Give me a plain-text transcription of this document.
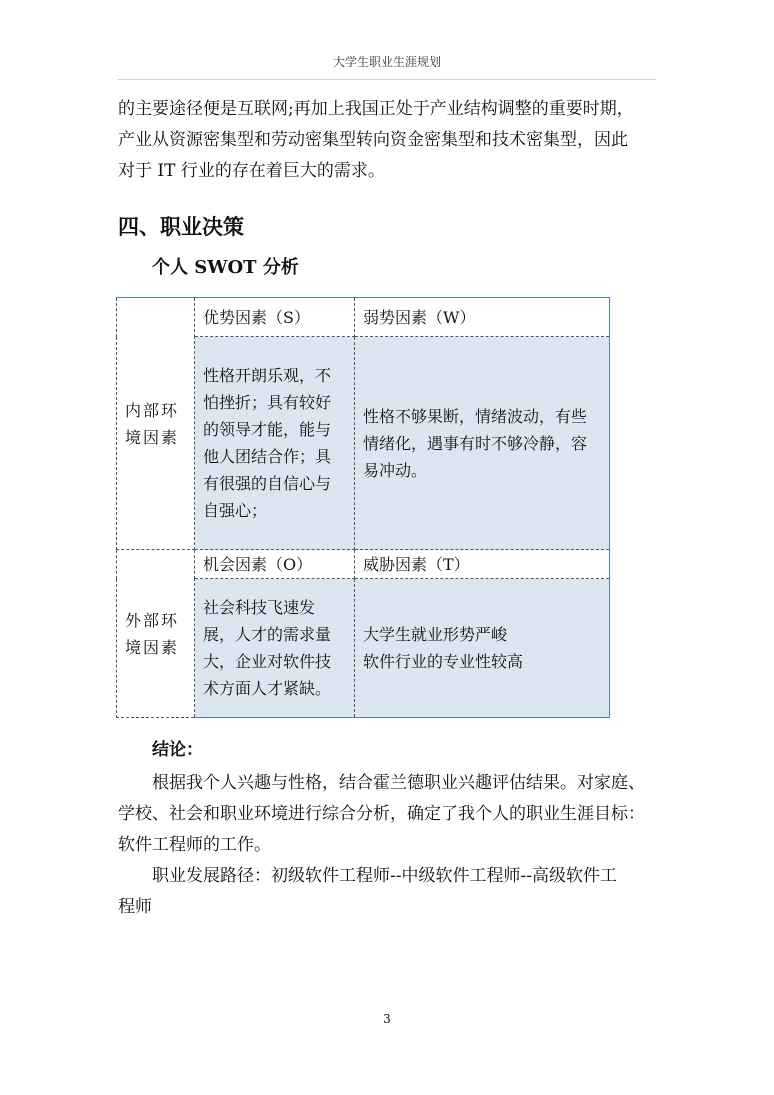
大学生职业生涯规划

的主要途径便是互联网;再加上我国正处于产业结构调整的重要时期，

产业从资源密集型和劳动密集型转向资金密集型和技术密集型，因此

对于 IT 行业的存在着巨大的需求。

四、职业决策
个人 SWOT 分析
内部环境因素	优势因素（S）	弱势因素（W）
	性格开朗乐观，不怕挫折；具有较好的领导才能，能与他人团结合作；具有很强的自信心与自强心；	性格不够果断，情绪波动，有些情绪化，遇事有时不够冷静，容易冲动。
外部环境因素	机会因素（O）	威胁因素（T）
	社会科技飞速发展，人才的需求量大，企业对软件技术方面人才紧缺。	大学生就业形势严峻
软件行业的专业性较高
结论：

根据我个人兴趣与性格，结合霍兰德职业兴趣评估结果。对家庭、

学校、社会和职业环境进行综合分析，确定了我个人的职业生涯目标：

软件工程师的工作。

职业发展路径：初级软件工程师--中级软件工程师--高级软件工

程师

3
